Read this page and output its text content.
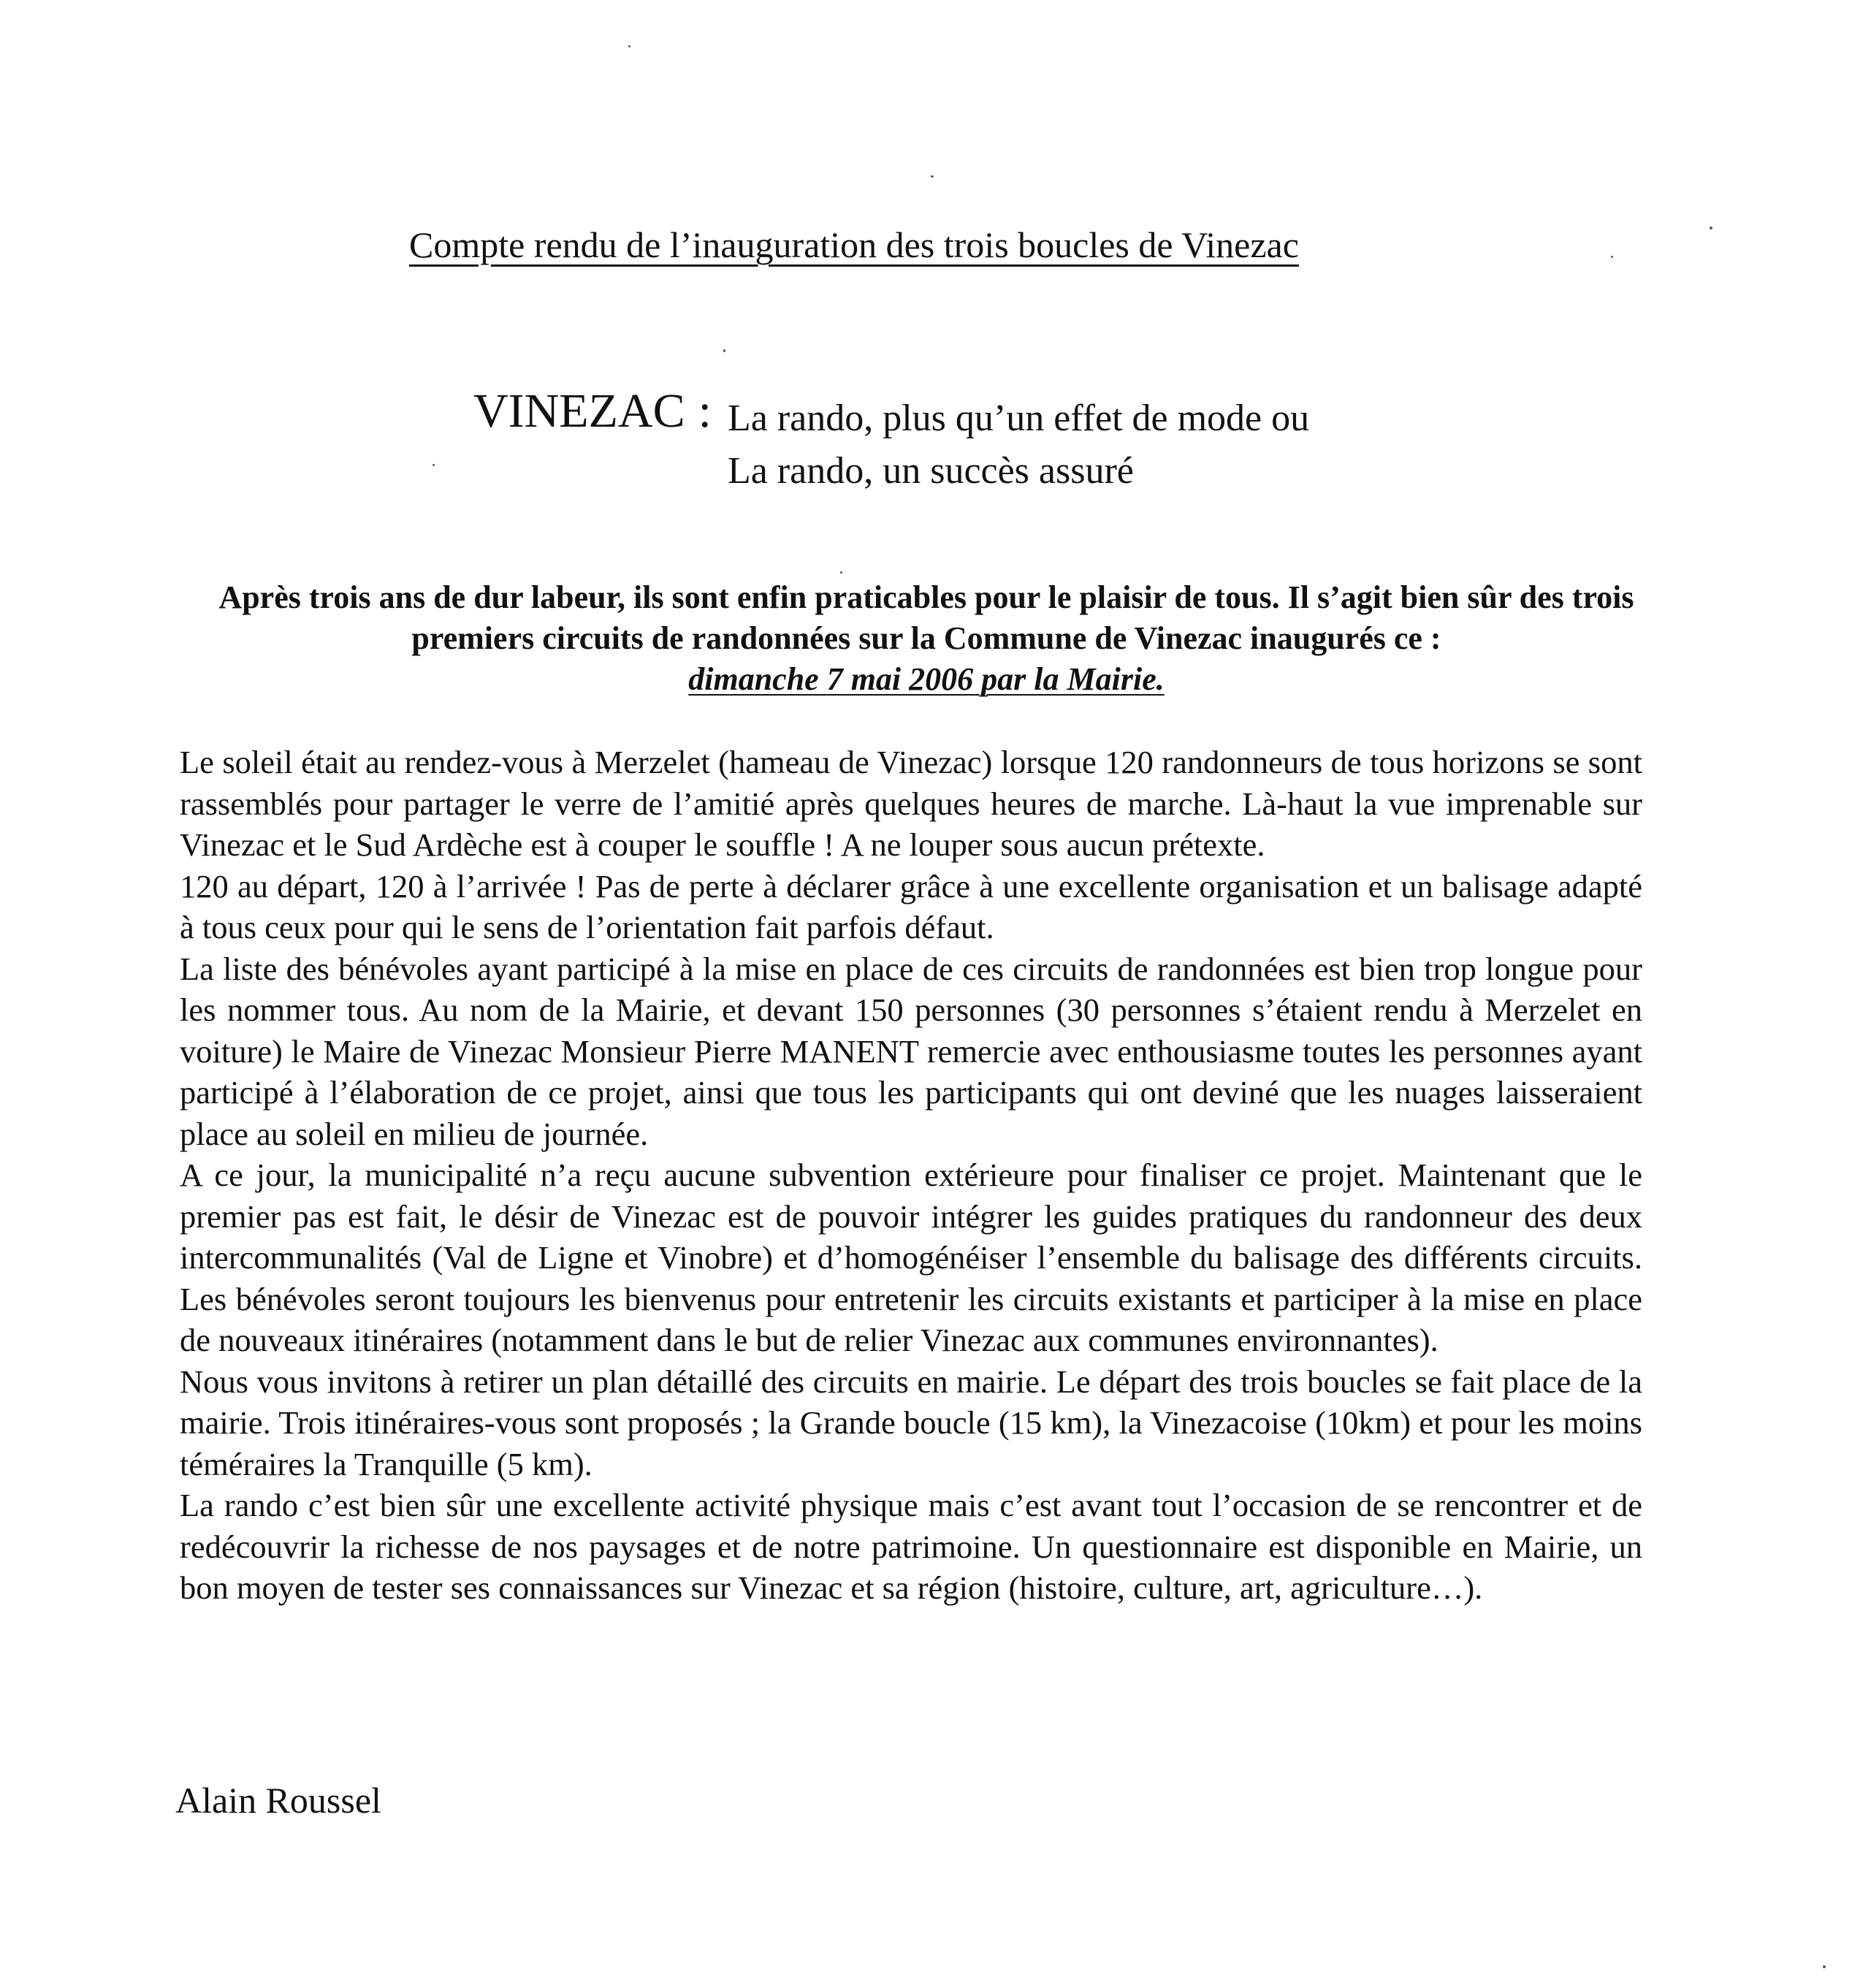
Compte rendu de l’inauguration des trois boucles de Vinezac
VINEZAC : La rando, plus qu’un effet de mode ou
La rando, un succès assuré
Après trois ans de dur labeur, ils sont enfin praticables pour le plaisir de tous. Il s’agit bien sûr des trois premiers circuits de randonnées sur la Commune de Vinezac inaugurés ce :
dimanche 7 mai 2006 par la Mairie.

Le soleil était au rendez-vous à Merzelet (hameau de Vinezac) lorsque 120 randonneurs de tous horizons se sont rassemblés pour partager le verre de l’amitié après quelques heures de marche. Là-haut la vue imprenable sur Vinezac et le Sud Ardèche est à couper le souffle ! A ne louper sous aucun prétexte.

120 au départ, 120 à l’arrivée ! Pas de perte à déclarer grâce à une excellente organisation et un balisage adapté à tous ceux pour qui le sens de l’orientation fait parfois défaut.

La liste des bénévoles ayant participé à la mise en place de ces circuits de randonnées est bien trop longue pour les nommer tous. Au nom de la Mairie, et devant 150 personnes (30 personnes s’étaient rendu à Merzelet en voiture) le Maire de Vinezac Monsieur Pierre MANENT remercie avec enthousiasme toutes les personnes ayant participé à l’élaboration de ce projet, ainsi que tous les participants qui ont deviné que les nuages laisseraient place au soleil en milieu de journée.

A ce jour, la municipalité n’a reçu aucune subvention extérieure pour finaliser ce projet. Maintenant que le premier pas est fait, le désir de Vinezac est de pouvoir intégrer les guides pratiques du randonneur des deux intercommunalités (Val de Ligne et Vinobre) et d’homogénéiser l’ensemble du balisage des différents circuits. Les bénévoles seront toujours les bienvenus pour entretenir les circuits existants et participer à la mise en place de nouveaux itinéraires (notamment dans le but de relier Vinezac aux communes environnantes).

Nous vous invitons à retirer un plan détaillé des circuits en mairie. Le départ des trois boucles se fait place de la mairie. Trois itinéraires-vous sont proposés ; la Grande boucle (15 km), la Vinezacoise (10km) et pour les moins téméraires la Tranquille (5 km).

La rando c’est bien sûr une excellente activité physique mais c’est avant tout l’occasion de se rencontrer et de redécouvrir la richesse de nos paysages et de notre patrimoine. Un questionnaire est disponible en Mairie, un bon moyen de tester ses connaissances sur Vinezac et sa région (histoire, culture, art, agriculture…).

Alain Roussel
